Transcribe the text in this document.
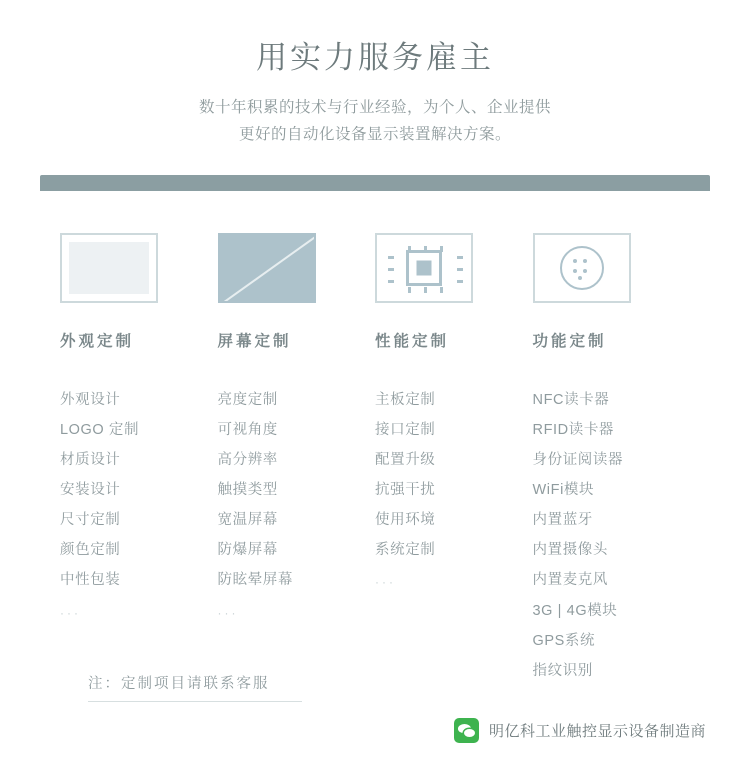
用实力服务雇主
数十年积累的技术与行业经验，为个人、企业提供
更好的自动化设备显示装置解决方案。
外观定制
外观设计
LOGO 定制
材质设计
安装设计
尺寸定制
颜色定制
中性包装
···
屏幕定制
亮度定制
可视角度
高分辨率
触摸类型
宽温屏幕
防爆屏幕
防眩晕屏幕
···
性能定制
主板定制
接口定制
配置升级
抗强干扰
使用环境
系统定制
···
功能定制
NFC读卡器
RFID读卡器
身份证阅读器
WiFi模块
内置蓝牙
内置摄像头
内置麦克风
3G | 4G模块
GPS系统
指纹识别
注：定制项目请联系客服
明亿科工业触控显示设备制造商
